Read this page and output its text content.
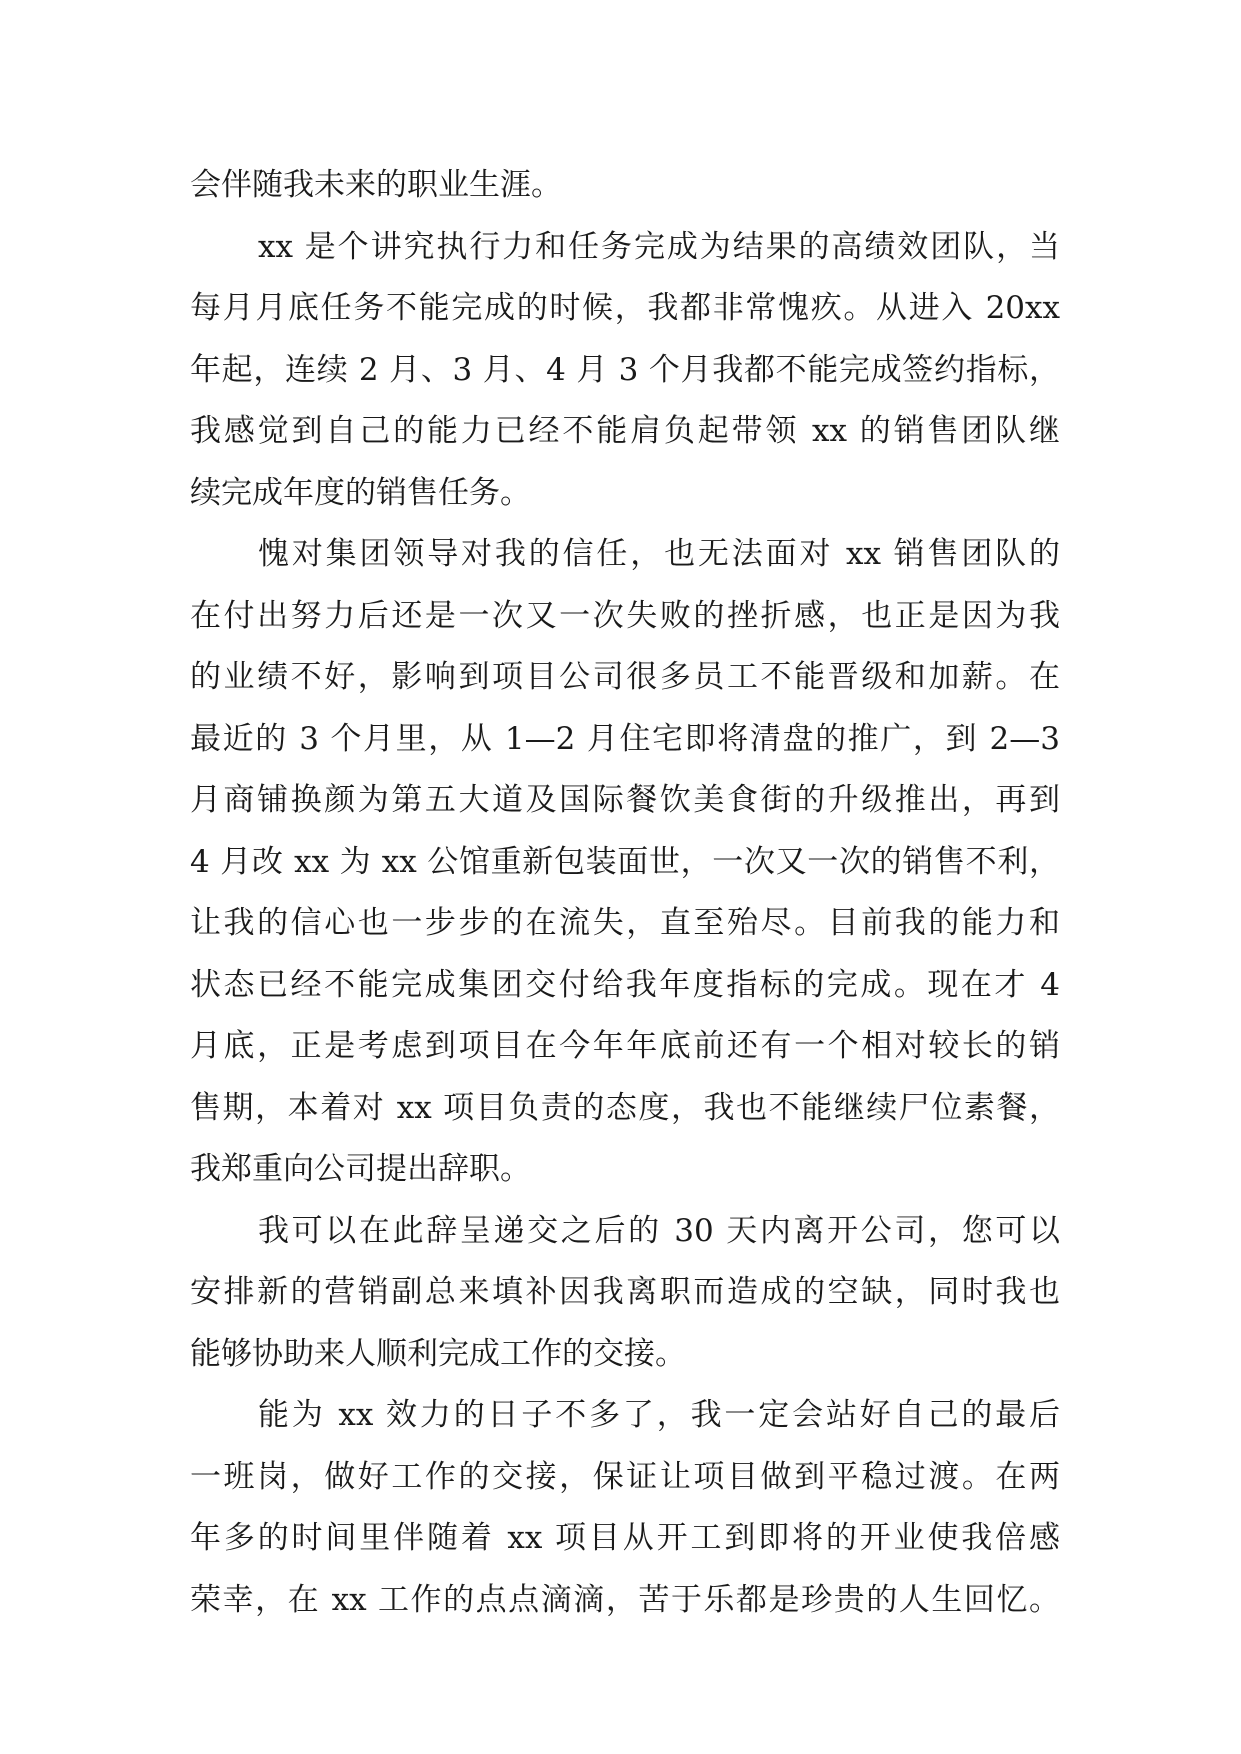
会伴随我未来的职业生涯。
xx 是个讲究执行力和任务完成为结果的高绩效团队，当
每月月底任务不能完成的时候，我都非常愧疚。从进入 20xx
年起，连续 2 月、3 月、4 月 3 个月我都不能完成签约指标，
我感觉到自己的能力已经不能肩负起带领 xx 的销售团队继
续完成年度的销售任务。
愧对集团领导对我的信任，也无法面对 xx 销售团队的
在付出努力后还是一次又一次失败的挫折感，也正是因为我
的业绩不好，影响到项目公司很多员工不能晋级和加薪。在
最近的 3 个月里，从 1—2 月住宅即将清盘的推广，到 2—3
月商铺换颜为第五大道及国际餐饮美食街的升级推出，再到
4 月改 xx 为 xx 公馆重新包装面世，一次又一次的销售不利，
让我的信心也一步步的在流失，直至殆尽。目前我的能力和
状态已经不能完成集团交付给我年度指标的完成。现在才 4
月底，正是考虑到项目在今年年底前还有一个相对较长的销
售期，本着对 xx 项目负责的态度，我也不能继续尸位素餐，
我郑重向公司提出辞职。
我可以在此辞呈递交之后的 30 天内离开公司，您可以
安排新的营销副总来填补因我离职而造成的空缺，同时我也
能够协助来人顺利完成工作的交接。
能为 xx 效力的日子不多了，我一定会站好自己的最后
一班岗，做好工作的交接，保证让项目做到平稳过渡。在两
年多的时间里伴随着 xx 项目从开工到即将的开业使我倍感
荣幸，在 xx 工作的点点滴滴，苦于乐都是珍贵的人生回忆。
